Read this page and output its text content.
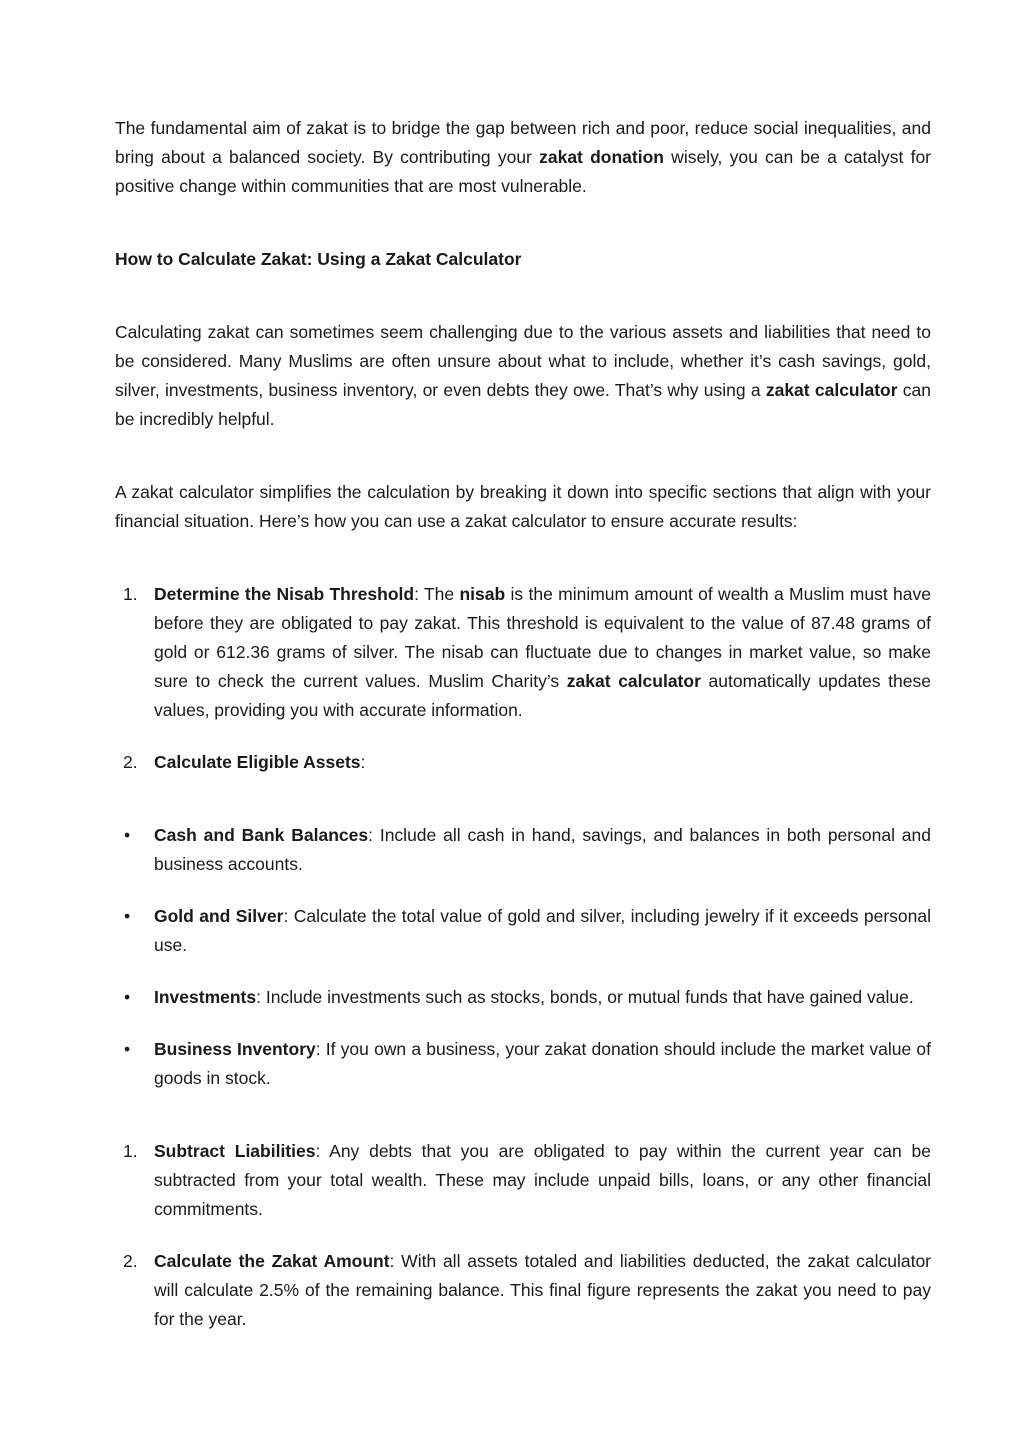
The fundamental aim of zakat is to bridge the gap between rich and poor, reduce social inequalities, and bring about a balanced society. By contributing your zakat donation wisely, you can be a catalyst for positive change within communities that are most vulnerable.

How to Calculate Zakat: Using a Zakat Calculator

Calculating zakat can sometimes seem challenging due to the various assets and liabilities that need to be considered. Many Muslims are often unsure about what to include, whether it’s cash savings, gold, silver, investments, business inventory, or even debts they owe. That’s why using a zakat calculator can be incredibly helpful.

A zakat calculator simplifies the calculation by breaking it down into specific sections that align with your financial situation. Here’s how you can use a zakat calculator to ensure accurate results:

1. Determine the Nisab Threshold: The nisab is the minimum amount of wealth a Muslim must have before they are obligated to pay zakat. This threshold is equivalent to the value of 87.48 grams of gold or 612.36 grams of silver. The nisab can fluctuate due to changes in market value, so make sure to check the current values. Muslim Charity’s zakat calculator automatically updates these values, providing you with accurate information.
2. Calculate Eligible Assets:
• Cash and Bank Balances: Include all cash in hand, savings, and balances in both personal and business accounts.
• Gold and Silver: Calculate the total value of gold and silver, including jewelry if it exceeds personal use.
• Investments: Include investments such as stocks, bonds, or mutual funds that have gained value.
• Business Inventory: If you own a business, your zakat donation should include the market value of goods in stock.
1. Subtract Liabilities: Any debts that you are obligated to pay within the current year can be subtracted from your total wealth. These may include unpaid bills, loans, or any other financial commitments.
2. Calculate the Zakat Amount: With all assets totaled and liabilities deducted, the zakat calculator will calculate 2.5% of the remaining balance. This final figure represents the zakat you need to pay for the year.
